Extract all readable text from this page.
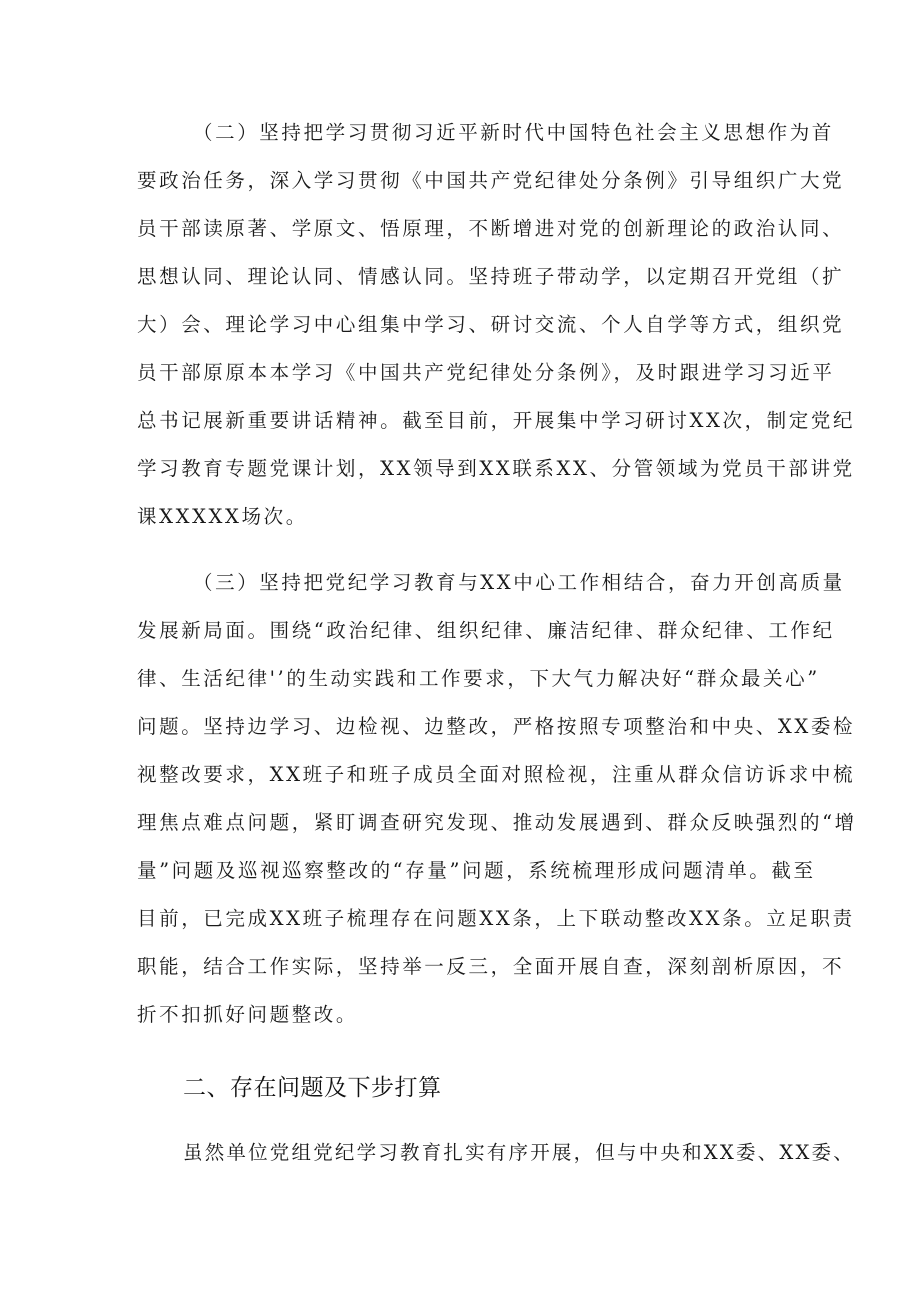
（二）坚持把学习贯彻习近平新时代中国特色社会主义思想作为首
要政治任务，深入学习贯彻《中国共产党纪律处分条例》引导组织广大党
员干部读原著、学原文、悟原理，不断增进对党的创新理论的政治认同、
思想认同、理论认同、情感认同。坚持班子带动学，以定期召开党组（扩
大）会、理论学习中心组集中学习、研讨交流、个人自学等方式，组织党
员干部原原本本学习《中国共产党纪律处分条例》，及时跟进学习习近平
总书记展新重要讲话精神。截至目前，开展集中学习研讨XX次，制定党纪
学习教育专题党课计划，XX领导到XX联系XX、分管领域为党员干部讲党
课XXXXX场次。
（三）坚持把党纪学习教育与XX中心工作相结合，奋力开创高质量
发展新局面。围绕“政治纪律、组织纪律、廉洁纪律、群众纪律、工作纪
律、生活纪律'’的生动实践和工作要求，下大气力解决好“群众最关心”
问题。坚持边学习、边检视、边整改，严格按照专项整治和中央、XX委检
视整改要求，XX班子和班子成员全面对照检视，注重从群众信访诉求中梳
理焦点难点问题，紧盯调查研究发现、推动发展遇到、群众反映强烈的“增
量”问题及巡视巡察整改的“存量”问题，系统梳理形成问题清单。截至
目前，已完成XX班子梳理存在问题XX条，上下联动整改XX条。立足职责
职能，结合工作实际，坚持举一反三，全面开展自查，深刻剖析原因，不
折不扣抓好问题整改。
二、存在问题及下步打算
虽然单位党组党纪学习教育扎实有序开展，但与中央和XX委、XX委、
